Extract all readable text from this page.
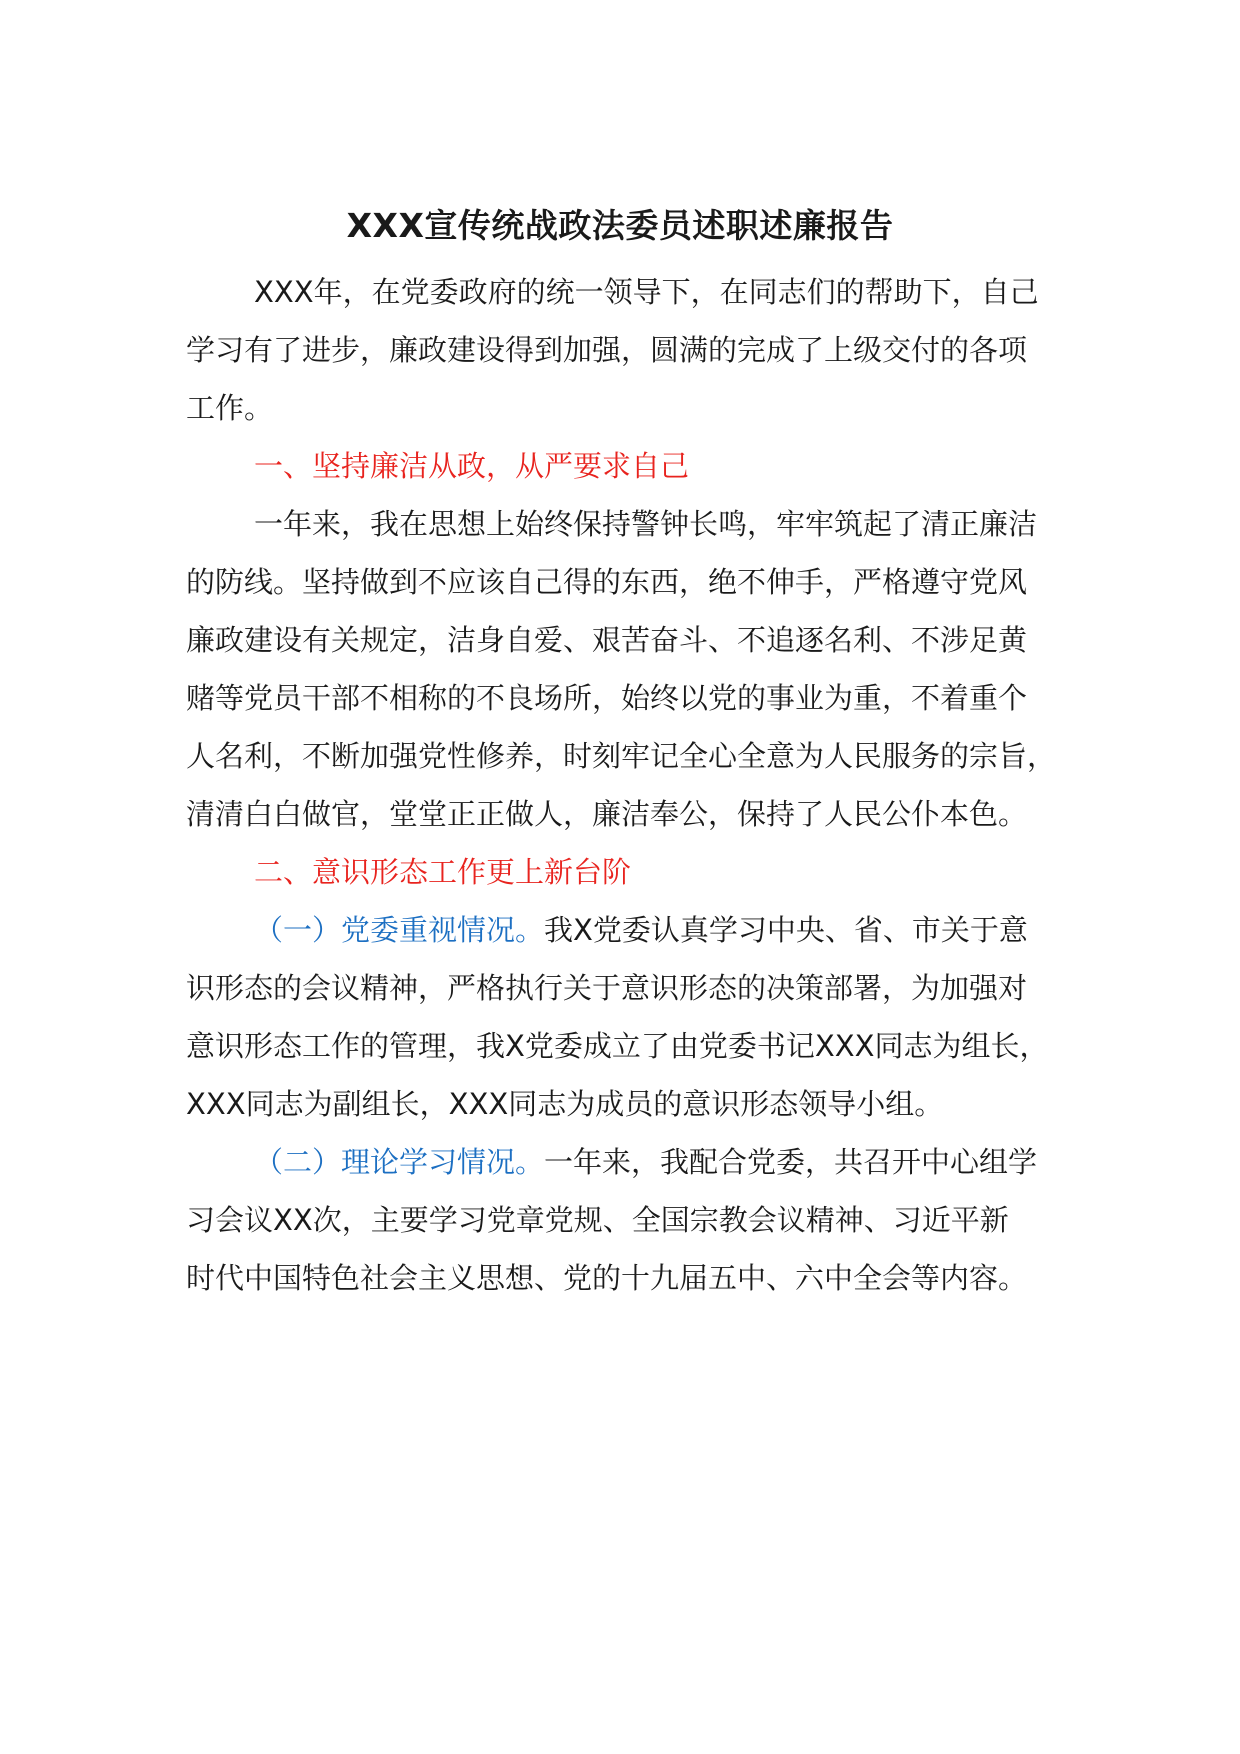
XXX宣传统战政法委员述职述廉报告
XXX年，在党委政府的统一领导下，在同志们的帮助下，自己
学习有了进步，廉政建设得到加强，圆满的完成了上级交付的各项
工作。
一、坚持廉洁从政，从严要求自己
一年来，我在思想上始终保持警钟长鸣，牢牢筑起了清正廉洁
的防线。坚持做到不应该自己得的东西，绝不伸手，严格遵守党风
廉政建设有关规定，洁身自爱、艰苦奋斗、不追逐名利、不涉足黄
赌等党员干部不相称的不良场所，始终以党的事业为重，不着重个
人名利，不断加强党性修养，时刻牢记全心全意为人民服务的宗旨，
清清白白做官，堂堂正正做人，廉洁奉公，保持了人民公仆本色。
二、意识形态工作更上新台阶
（一）党委重视情况。我X党委认真学习中央、省、市关于意
识形态的会议精神，严格执行关于意识形态的决策部署，为加强对
意识形态工作的管理，我X党委成立了由党委书记XXX同志为组长，
XXX同志为副组长，XXX同志为成员的意识形态领导小组。
（二）理论学习情况。一年来，我配合党委，共召开中心组学
习会议XX次，主要学习党章党规、全国宗教会议精神、习近平新
时代中国特色社会主义思想、党的十九届五中、六中全会等内容。
